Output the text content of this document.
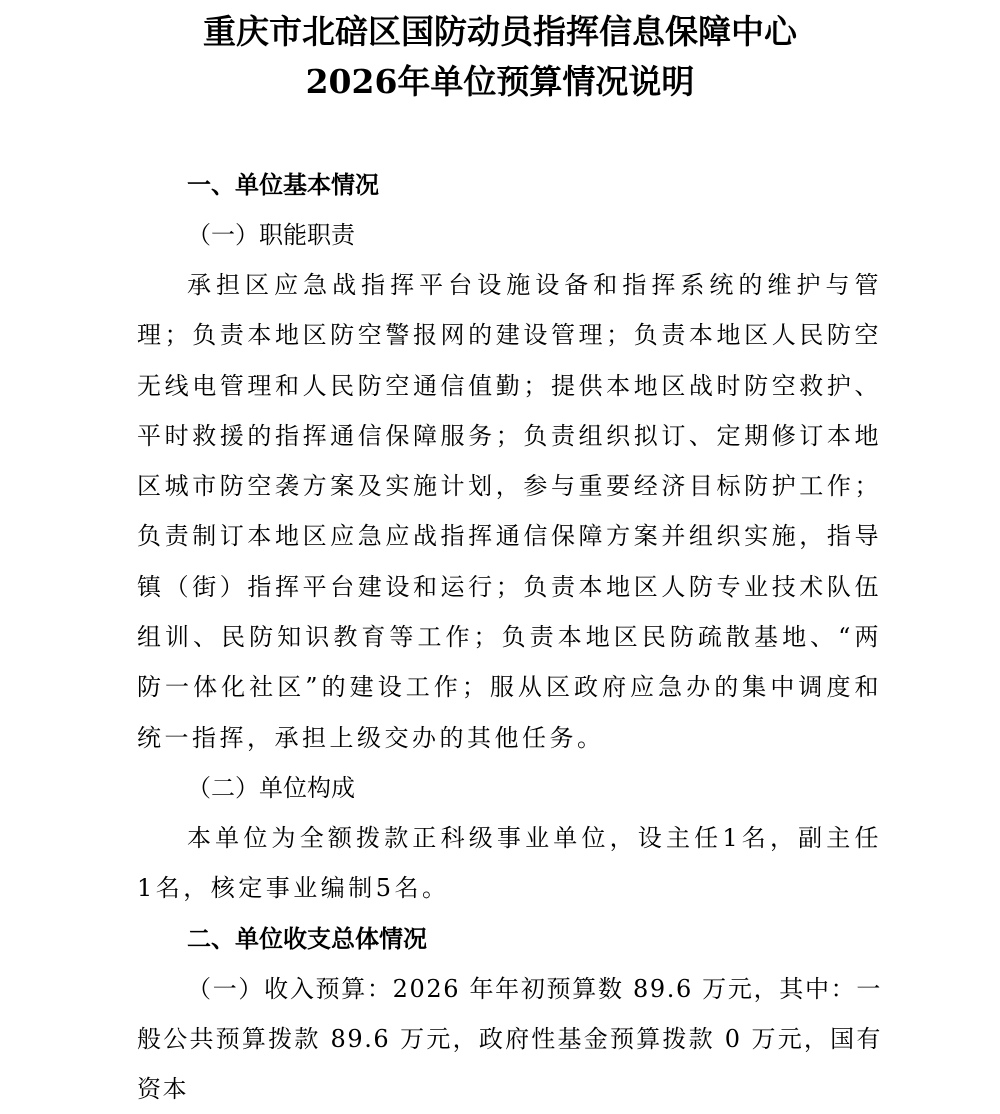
重庆市北碚区国防动员指挥信息保障中心
2026年单位预算情况说明

一、单位基本情况

（一）职能职责

承担区应急战指挥平台设施设备和指挥系统的维护与管理；负责本地区防空警报网的建设管理；负责本地区人民防空无线电管理和人民防空通信值勤；提供本地区战时防空救护、平时救援的指挥通信保障服务；负责组织拟订、定期修订本地区城市防空袭方案及实施计划，参与重要经济目标防护工作；负责制订本地区应急应战指挥通信保障方案并组织实施，指导镇（街）指挥平台建设和运行；负责本地区人防专业技术队伍组训、民防知识教育等工作；负责本地区民防疏散基地、“两防一体化社区”的建设工作；服从区政府应急办的集中调度和统一指挥，承担上级交办的其他任务。

（二）单位构成

本单位为全额拨款正科级事业单位，设主任1名，副主任1名，核定事业编制5名。

二、单位收支总体情况

（一）收入预算：2026 年年初预算数 89.6 万元，其中：一般公共预算拨款 89.6 万元，政府性基金预算拨款 0 万元，国有资本
